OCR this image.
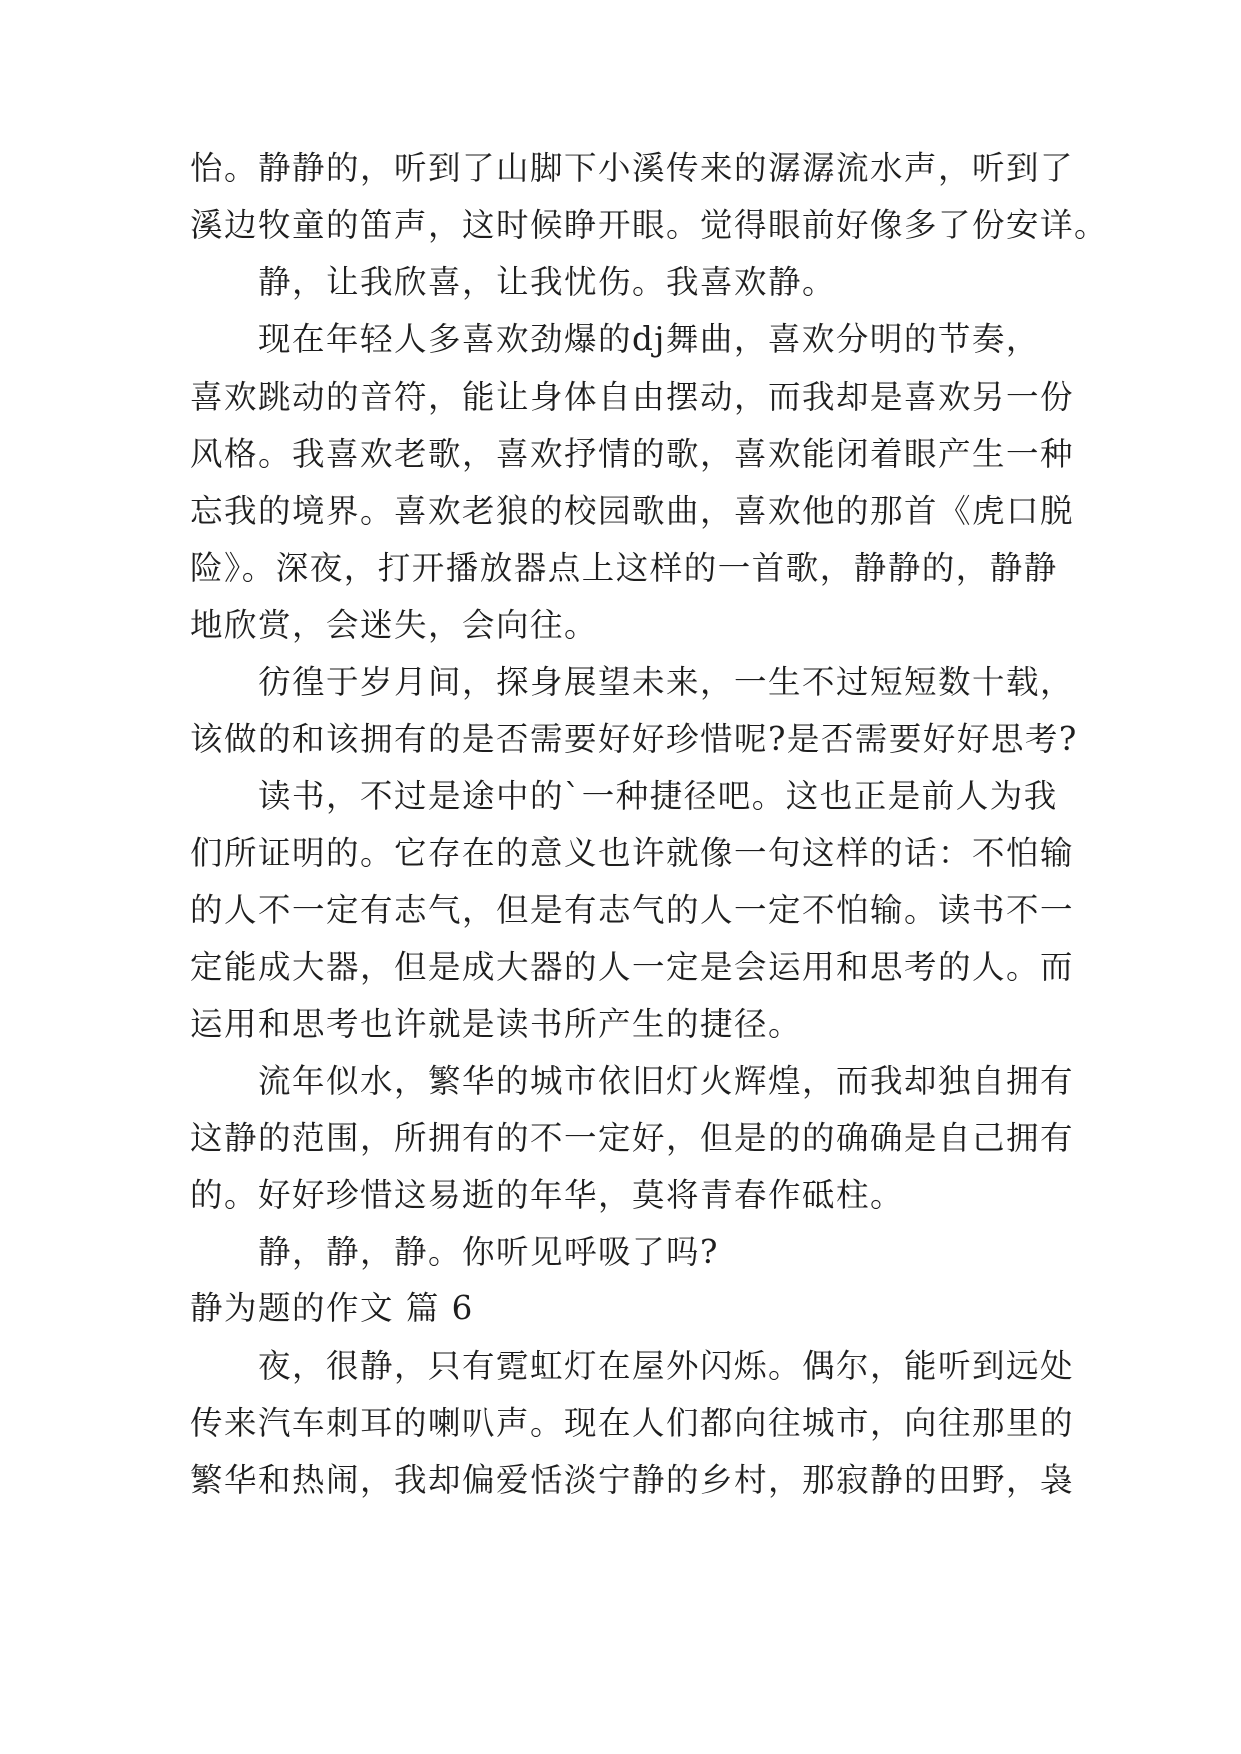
怡。静静的，听到了山脚下小溪传来的潺潺流水声，听到了
溪边牧童的笛声，这时候睁开眼。觉得眼前好像多了份安详。
静，让我欣喜，让我忧伤。我喜欢静。
现在年轻人多喜欢劲爆的dj舞曲，喜欢分明的节奏，
喜欢跳动的音符，能让身体自由摆动，而我却是喜欢另一份
风格。我喜欢老歌，喜欢抒情的歌，喜欢能闭着眼产生一种
忘我的境界。喜欢老狼的校园歌曲，喜欢他的那首《虎口脱
险》。深夜，打开播放器点上这样的一首歌，静静的，静静
地欣赏，会迷失，会向往。
彷徨于岁月间，探身展望未来，一生不过短短数十载，
该做的和该拥有的是否需要好好珍惜呢?是否需要好好思考?
读书，不过是途中的`一种捷径吧。这也正是前人为我
们所证明的。它存在的意义也许就像一句这样的话：不怕输
的人不一定有志气，但是有志气的人一定不怕输。读书不一
定能成大器，但是成大器的人一定是会运用和思考的人。而
运用和思考也许就是读书所产生的捷径。
流年似水，繁华的城市依旧灯火辉煌，而我却独自拥有
这静的范围，所拥有的不一定好，但是的的确确是自己拥有
的。好好珍惜这易逝的年华，莫将青春作砥柱。
静，静，静。你听见呼吸了吗?
静为题的作文 篇 6
夜，很静，只有霓虹灯在屋外闪烁。偶尔，能听到远处
传来汽车刺耳的喇叭声。现在人们都向往城市，向往那里的
繁华和热闹，我却偏爱恬淡宁静的乡村，那寂静的田野，袅
